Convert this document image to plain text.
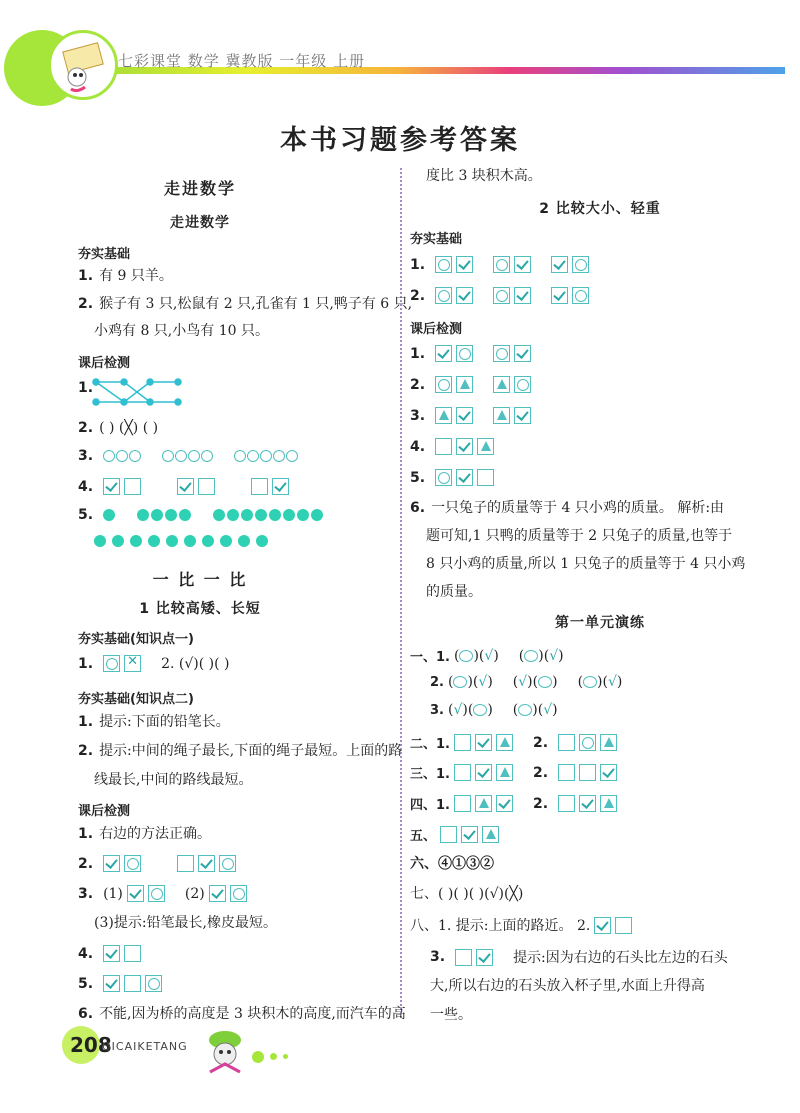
七彩课堂 数学 冀教版 一年级 上册
本书习题参考答案
走进数学
走进数学
夯实基础
1. 有 9 只羊。
2. 猴子有 3 只,松鼠有 2 只,孔雀有 1 只,鸭子有 6 只,
小鸡有 8 只,小鸟有 10 只。
课后检测
1.
2. ( ) (╳) ( )
3.
4.
5.
一 比 一 比
1 比较高矮、长短
夯实基础(知识点一)
1.
✕	2. (√)( )( )
夯实基础(知识点二)
1. 提示:下面的铅笔长。
2. 提示:中间的绳子最长,下面的绳子最短。上面的路
线最长,中间的路线最短。
课后检测
1. 右边的方法正确。
2.
3. (1)	(2)
(3)提示:铅笔最长,橡皮最短。
4.
5.
6. 不能,因为桥的高度是 3 块积木的高度,而汽车的高
度比 3 块积木高。
2 比较大小、轻重
夯实基础
1.
2.
课后检测
1.
2.
3.
4.
5.
6. 一只兔子的质量等于 4 只小鸡的质量。 解析:由
题可知,1 只鸭的质量等于 2 只兔子的质量,也等于
8 只小鸡的质量,所以 1 只兔子的质量等于 4 只小鸡
的质量。
第一单元演练
一、1. ( )(√) ( )(√)
2. ( )(√) (√)( ) ( )(√)
3. (√)( ) ( )(√)
二、1.	2.
三、1.	2.
四、1.	2.
五、
六、④①③②
七、( )( )( )(√)(╳)
八、1. 提示:上面的路近。 2.
3.	提示:因为右边的石头比左边的石头
大,所以右边的石头放入杯子里,水面上升得高
一些。
208
QICAIKETANG
